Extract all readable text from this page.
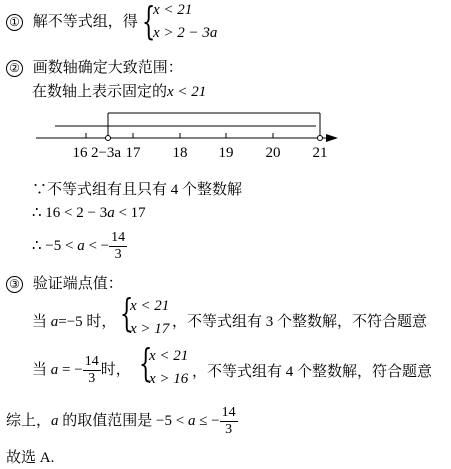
① 解不等式组，得 {
x < 21
x > 2 − 3a
② 画数轴确定大致范围：
在数轴上表示固定的x < 21
16 2−3a 17 18 19 20 21
∵不等式组有且只有 4 个整数解
∴ 16 < 2 − 3a < 17
∴ −5 < a < − $\frac{14}{3}$
③ 验证端点值：
当 a=−5 时， {
x < 21
x > 17 ，不等式组有 3 个整数解，不符合题意
当 a = − $\frac{14}{3}$ 时， {
x < 21
x > 16 ，不等式组有 4 个整数解，符合题意
综上，a 的取值范围是 −5 < a ≤ − $\frac{14}{3}$
故选 A.
